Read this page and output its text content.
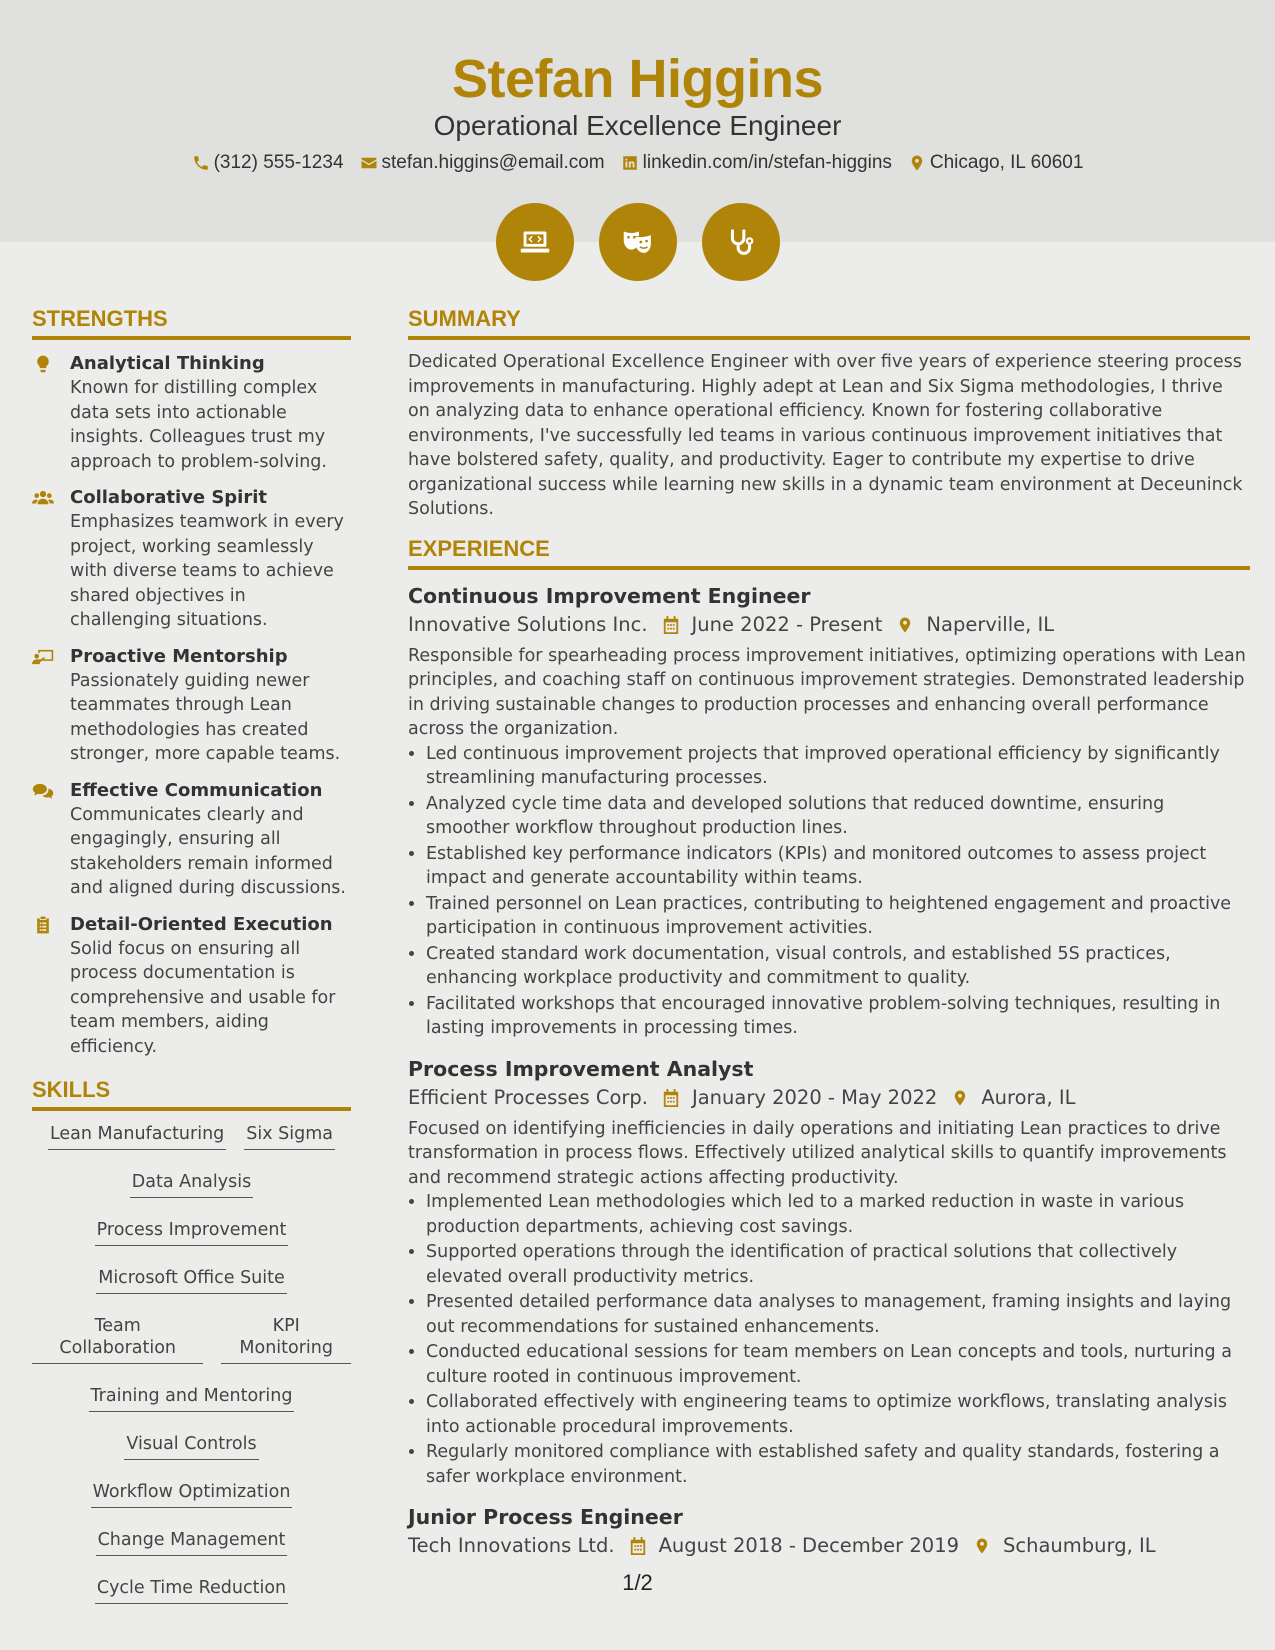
Stefan Higgins
Operational Excellence Engineer
(312) 555-1234 stefan.higgins@email.com linkedin.com/in/stefan-higgins Chicago, IL 60601
STRENGTHS
Analytical Thinking
Known for distilling complex data sets into actionable insights. Colleagues trust my approach to problem-solving.
Collaborative Spirit
Emphasizes teamwork in every project, working seamlessly with diverse teams to achieve shared objectives in challenging situations.
Proactive Mentorship
Passionately guiding newer teammates through Lean methodologies has created stronger, more capable teams.
Effective Communication
Communicates clearly and engagingly, ensuring all stakeholders remain informed and aligned during discussions.
Detail-Oriented Execution
Solid focus on ensuring all process documentation is comprehensive and usable for team members, aiding efficiency.
SKILLS
Lean Manufacturing Six Sigma
Data Analysis
Process Improvement
Microsoft Office Suite
Team Collaboration
KPI Monitoring
Training and Mentoring
Visual Controls
Workflow Optimization
Change Management
Cycle Time Reduction
SUMMARY
Dedicated Operational Excellence Engineer with over five years of experience steering process improvements in manufacturing. Highly adept at Lean and Six Sigma methodologies, I thrive on analyzing data to enhance operational efficiency. Known for fostering collaborative environments, I've successfully led teams in various continuous improvement initiatives that have bolstered safety, quality, and productivity. Eager to contribute my expertise to drive organizational success while learning new skills in a dynamic team environment at Deceuninck Solutions.
EXPERIENCE
Continuous Improvement Engineer
Innovative Solutions Inc. June 2022 - Present Naperville, IL
Responsible for spearheading process improvement initiatives, optimizing operations with Lean principles, and coaching staff on continuous improvement strategies. Demonstrated leadership in driving sustainable changes to production processes and enhancing overall performance across the organization.
• Led continuous improvement projects that improved operational efficiency by significantly streamlining manufacturing processes.
• Analyzed cycle time data and developed solutions that reduced downtime, ensuring smoother workflow throughout production lines.
• Established key performance indicators (KPIs) and monitored outcomes to assess project impact and generate accountability within teams.
• Trained personnel on Lean practices, contributing to heightened engagement and proactive participation in continuous improvement activities.
• Created standard work documentation, visual controls, and established 5S practices, enhancing workplace productivity and commitment to quality.
• Facilitated workshops that encouraged innovative problem-solving techniques, resulting in lasting improvements in processing times.
Process Improvement Analyst
Efficient Processes Corp. January 2020 - May 2022 Aurora, IL
Focused on identifying inefficiencies in daily operations and initiating Lean practices to drive transformation in process flows. Effectively utilized analytical skills to quantify improvements and recommend strategic actions affecting productivity.
• Implemented Lean methodologies which led to a marked reduction in waste in various production departments, achieving cost savings.
• Supported operations through the identification of practical solutions that collectively elevated overall productivity metrics.
• Presented detailed performance data analyses to management, framing insights and laying out recommendations for sustained enhancements.
• Conducted educational sessions for team members on Lean concepts and tools, nurturing a culture rooted in continuous improvement.
• Collaborated effectively with engineering teams to optimize workflows, translating analysis into actionable procedural improvements.
• Regularly monitored compliance with established safety and quality standards, fostering a safer workplace environment.
Junior Process Engineer
Tech Innovations Ltd. August 2018 - December 2019 Schaumburg, IL
1/2
